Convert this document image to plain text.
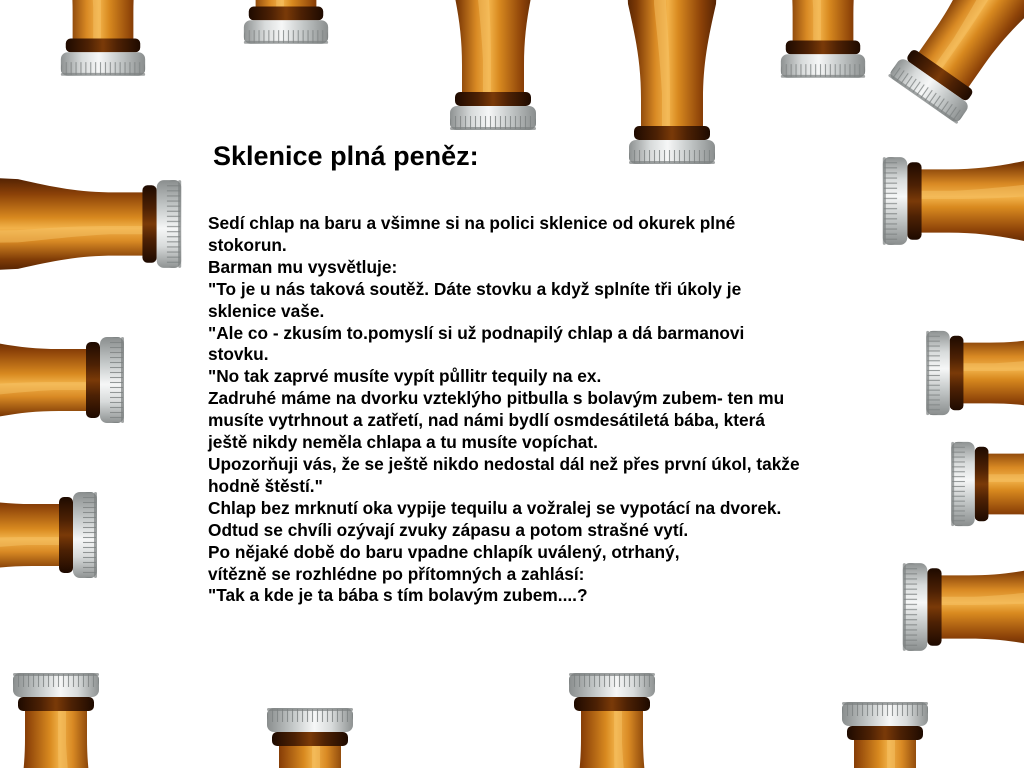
Sklenice plná peněz:
Sedí chlap na baru a všimne si na polici sklenice od okurek plné
stokorun.
Barman mu vysvětluje:
"To je u nás taková soutěž. Dáte stovku a když splníte tři úkoly je
sklenice vaše.
"Ale co - zkusím to.pomyslí si už podnapilý chlap a dá barmanovi
stovku.
"No tak zaprvé musíte vypít půllitr tequily na ex.
Zadruhé máme na dvorku vzteklýho pitbulla s bolavým zubem- ten mu
musíte vytrhnout a zatřetí, nad námi bydlí osmdesátiletá bába, která
ještě nikdy neměla chlapa a tu musíte vopíchat.
Upozorňuji vás, že se ještě nikdo nedostal dál než přes první úkol, takže
hodně štěstí."
Chlap bez mrknutí oka vypije tequilu a vožralej se vypotácí na dvorek.
Odtud se chvíli ozývají zvuky zápasu a potom strašné vytí.
Po nějaké době do baru vpadne chlapík uválený, otrhaný,
vítězně se rozhlédne po přítomných a zahlásí:
"Tak a kde je ta bába s tím bolavým zubem....?
